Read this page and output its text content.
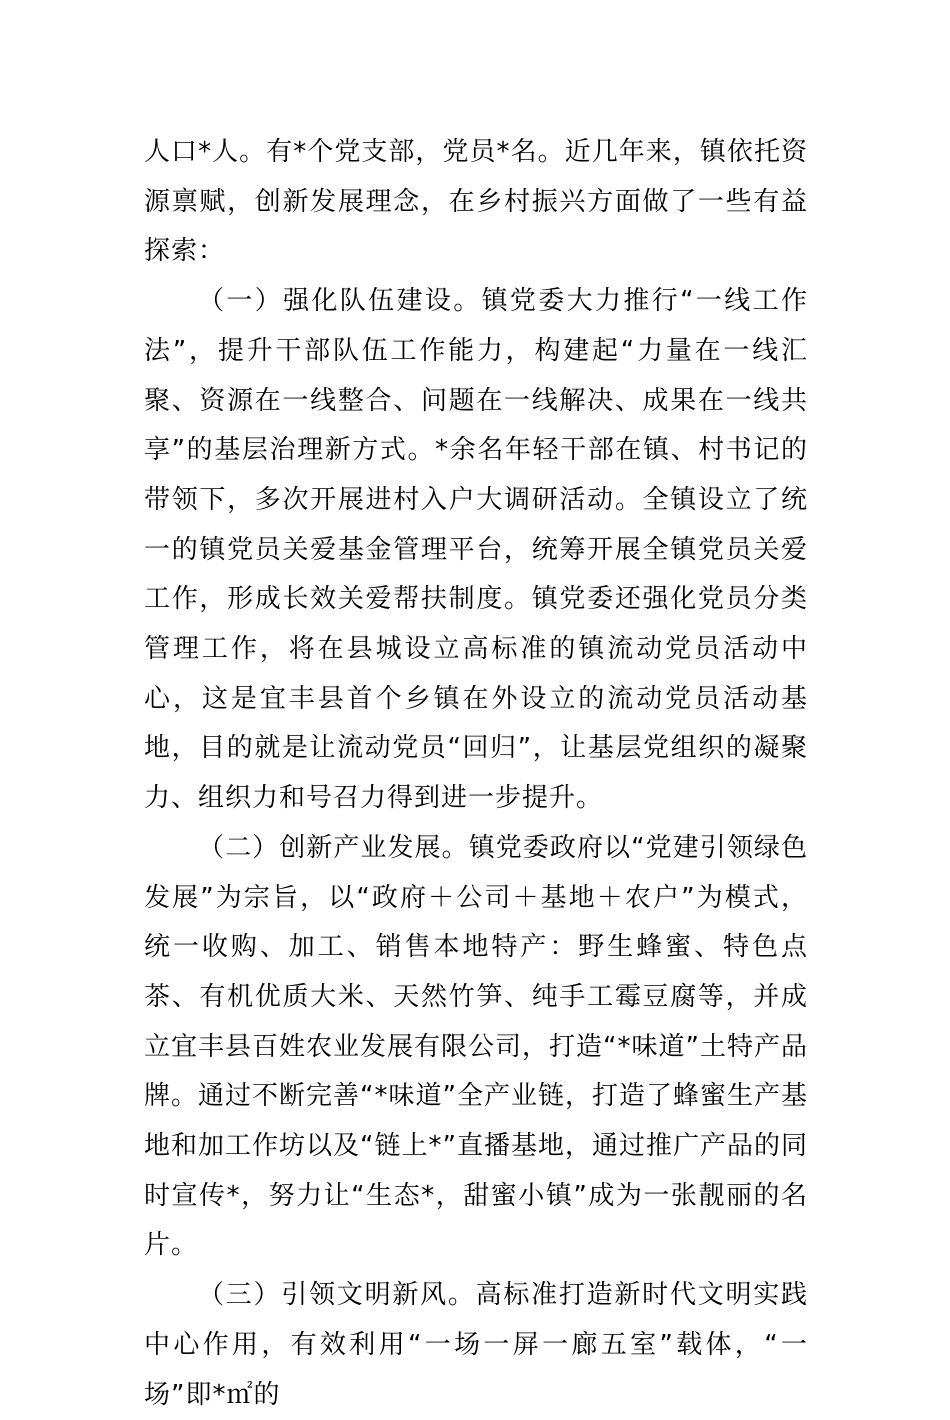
人口*人。有*个党支部，党员*名。近几年来，镇依托资源禀赋，创新发展理念，在乡村振兴方面做了一些有益探索：

（一）强化队伍建设。镇党委大力推行“一线工作法”，提升干部队伍工作能力，构建起“力量在一线汇聚、资源在一线整合、问题在一线解决、成果在一线共享”的基层治理新方式。*余名年轻干部在镇、村书记的带领下，多次开展进村入户大调研活动。全镇设立了统一的镇党员关爱基金管理平台，统筹开展全镇党员关爱工作，形成长效关爱帮扶制度。镇党委还强化党员分类管理工作，将在县城设立高标准的镇流动党员活动中心，这是宜丰县首个乡镇在外设立的流动党员活动基地，目的就是让流动党员“回归”，让基层党组织的凝聚力、组织力和号召力得到进一步提升。

（二）创新产业发展。镇党委政府以“党建引领绿色发展”为宗旨，以“政府＋公司＋基地＋农户”为模式，统一收购、加工、销售本地特产：野生蜂蜜、特色点茶、有机优质大米、天然竹笋、纯手工霉豆腐等，并成立宜丰县百姓农业发展有限公司，打造“*味道”土特产品牌。通过不断完善“*味道”全产业链，打造了蜂蜜生产基地和加工作坊以及“链上*”直播基地，通过推广产品的同时宣传*，努力让“生态*，甜蜜小镇”成为一张靓丽的名片。

（三）引领文明新风。高标准打造新时代文明实践中心作用，有效利用“一场一屏一廊五室”载体，“一场”即*㎡的
